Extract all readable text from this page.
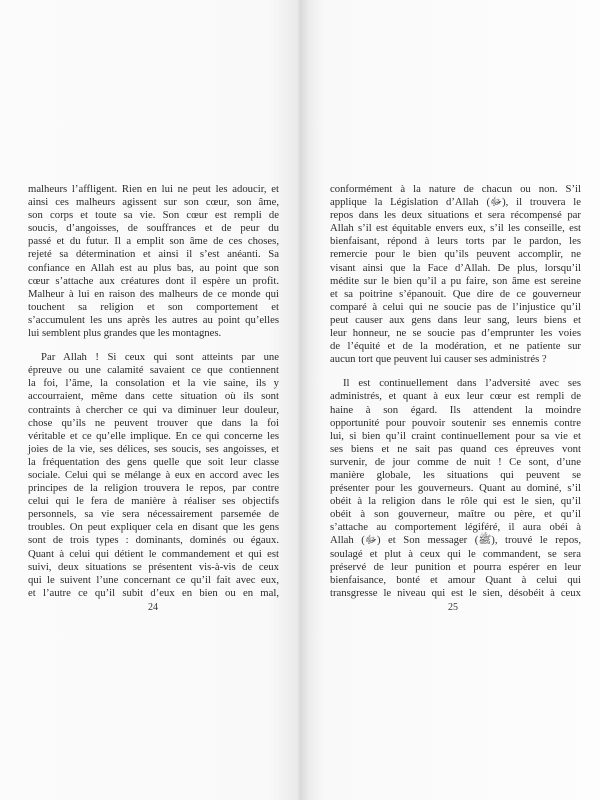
malheurs l’affligent. Rien en lui ne peut les adoucir, et
ainsi ces malheurs agissent sur son cœur, son âme,
son corps et toute sa vie. Son cœur est rempli de
soucis, d’angoisses, de souffrances et de peur du
passé et du futur. Il a emplit son âme de ces choses,
rejeté sa détermination et ainsi il s’est anéanti. Sa
confiance en Allah est au plus bas, au point que son
cœur s’attache aux créatures dont il espère un profit.
Malheur à lui en raison des malheurs de ce monde qui
touchent sa religion et son comportement et
s’accumulent les uns après les autres au point qu’elles
lui semblent plus grandes que les montagnes.
Par Allah ! Si ceux qui sont atteints par une
épreuve ou une calamité savaient ce que contiennent
la foi, l’âme, la consolation et la vie saine, ils y
accourraient, même dans cette situation où ils sont
contraints à chercher ce qui va diminuer leur douleur,
chose qu’ils ne peuvent trouver que dans la foi
véritable et ce qu’elle implique. En ce qui concerne les
joies de la vie, ses délices, ses soucis, ses angoisses, et
la fréquentation des gens quelle que soit leur classe
sociale. Celui qui se mélange à eux en accord avec les
principes de la religion trouvera le repos, par contre
celui qui le fera de manière à réaliser ses objectifs
personnels, sa vie sera nécessairement parsemée de
troubles. On peut expliquer cela en disant que les gens
sont de trois types : dominants, dominés ou égaux.
Quant à celui qui détient le commandement et qui est
suivi, deux situations se présentent vis-à-vis de ceux
qui le suivent l’une concernant ce qu’il fait avec eux,
et l’autre ce qu’il subit d’eux en bien ou en mal,
24
conformément à la nature de chacun ou non. S’il
applique la Législation d’Allah (ﷻ), il trouvera le
repos dans les deux situations et sera récompensé par
Allah s’il est équitable envers eux, s’il les conseille, est
bienfaisant, répond à leurs torts par le pardon, les
remercie pour le bien qu’ils peuvent accomplir, ne
visant ainsi que la Face d’Allah. De plus, lorsqu’il
médite sur le bien qu’il a pu faire, son âme est sereine
et sa poitrine s’épanouit. Que dire de ce gouverneur
comparé à celui qui ne soucie pas de l’injustice qu’il
peut causer aux gens dans leur sang, leurs biens et
leur honneur, ne se soucie pas d’emprunter les voies
de l’équité et de la modération, et ne patiente sur
aucun tort que peuvent lui causer ses administrés ?
Il est continuellement dans l’adversité avec ses
administrés, et quant à eux leur cœur est rempli de
haine à son égard. Ils attendent la moindre
opportunité pour pouvoir soutenir ses ennemis contre
lui, si bien qu’il craint continuellement pour sa vie et
ses biens et ne sait pas quand ces épreuves vont
survenir, de jour comme de nuit ! Ce sont, d’une
manière globale, les situations qui peuvent se
présenter pour les gouverneurs. Quant au dominé, s’il
obéit à la religion dans le rôle qui est le sien, qu’il
obéit à son gouverneur, maître ou père, et qu’il
s’attache au comportement légiféré, il aura obéi à
Allah (ﷻ) et Son messager (ﷺ), trouvé le repos,
soulagé et plut à ceux qui le commandent, se sera
préservé de leur punition et pourra espérer en leur
bienfaisance, bonté et amour Quant à celui qui
transgresse le niveau qui est le sien, désobéit à ceux
25
